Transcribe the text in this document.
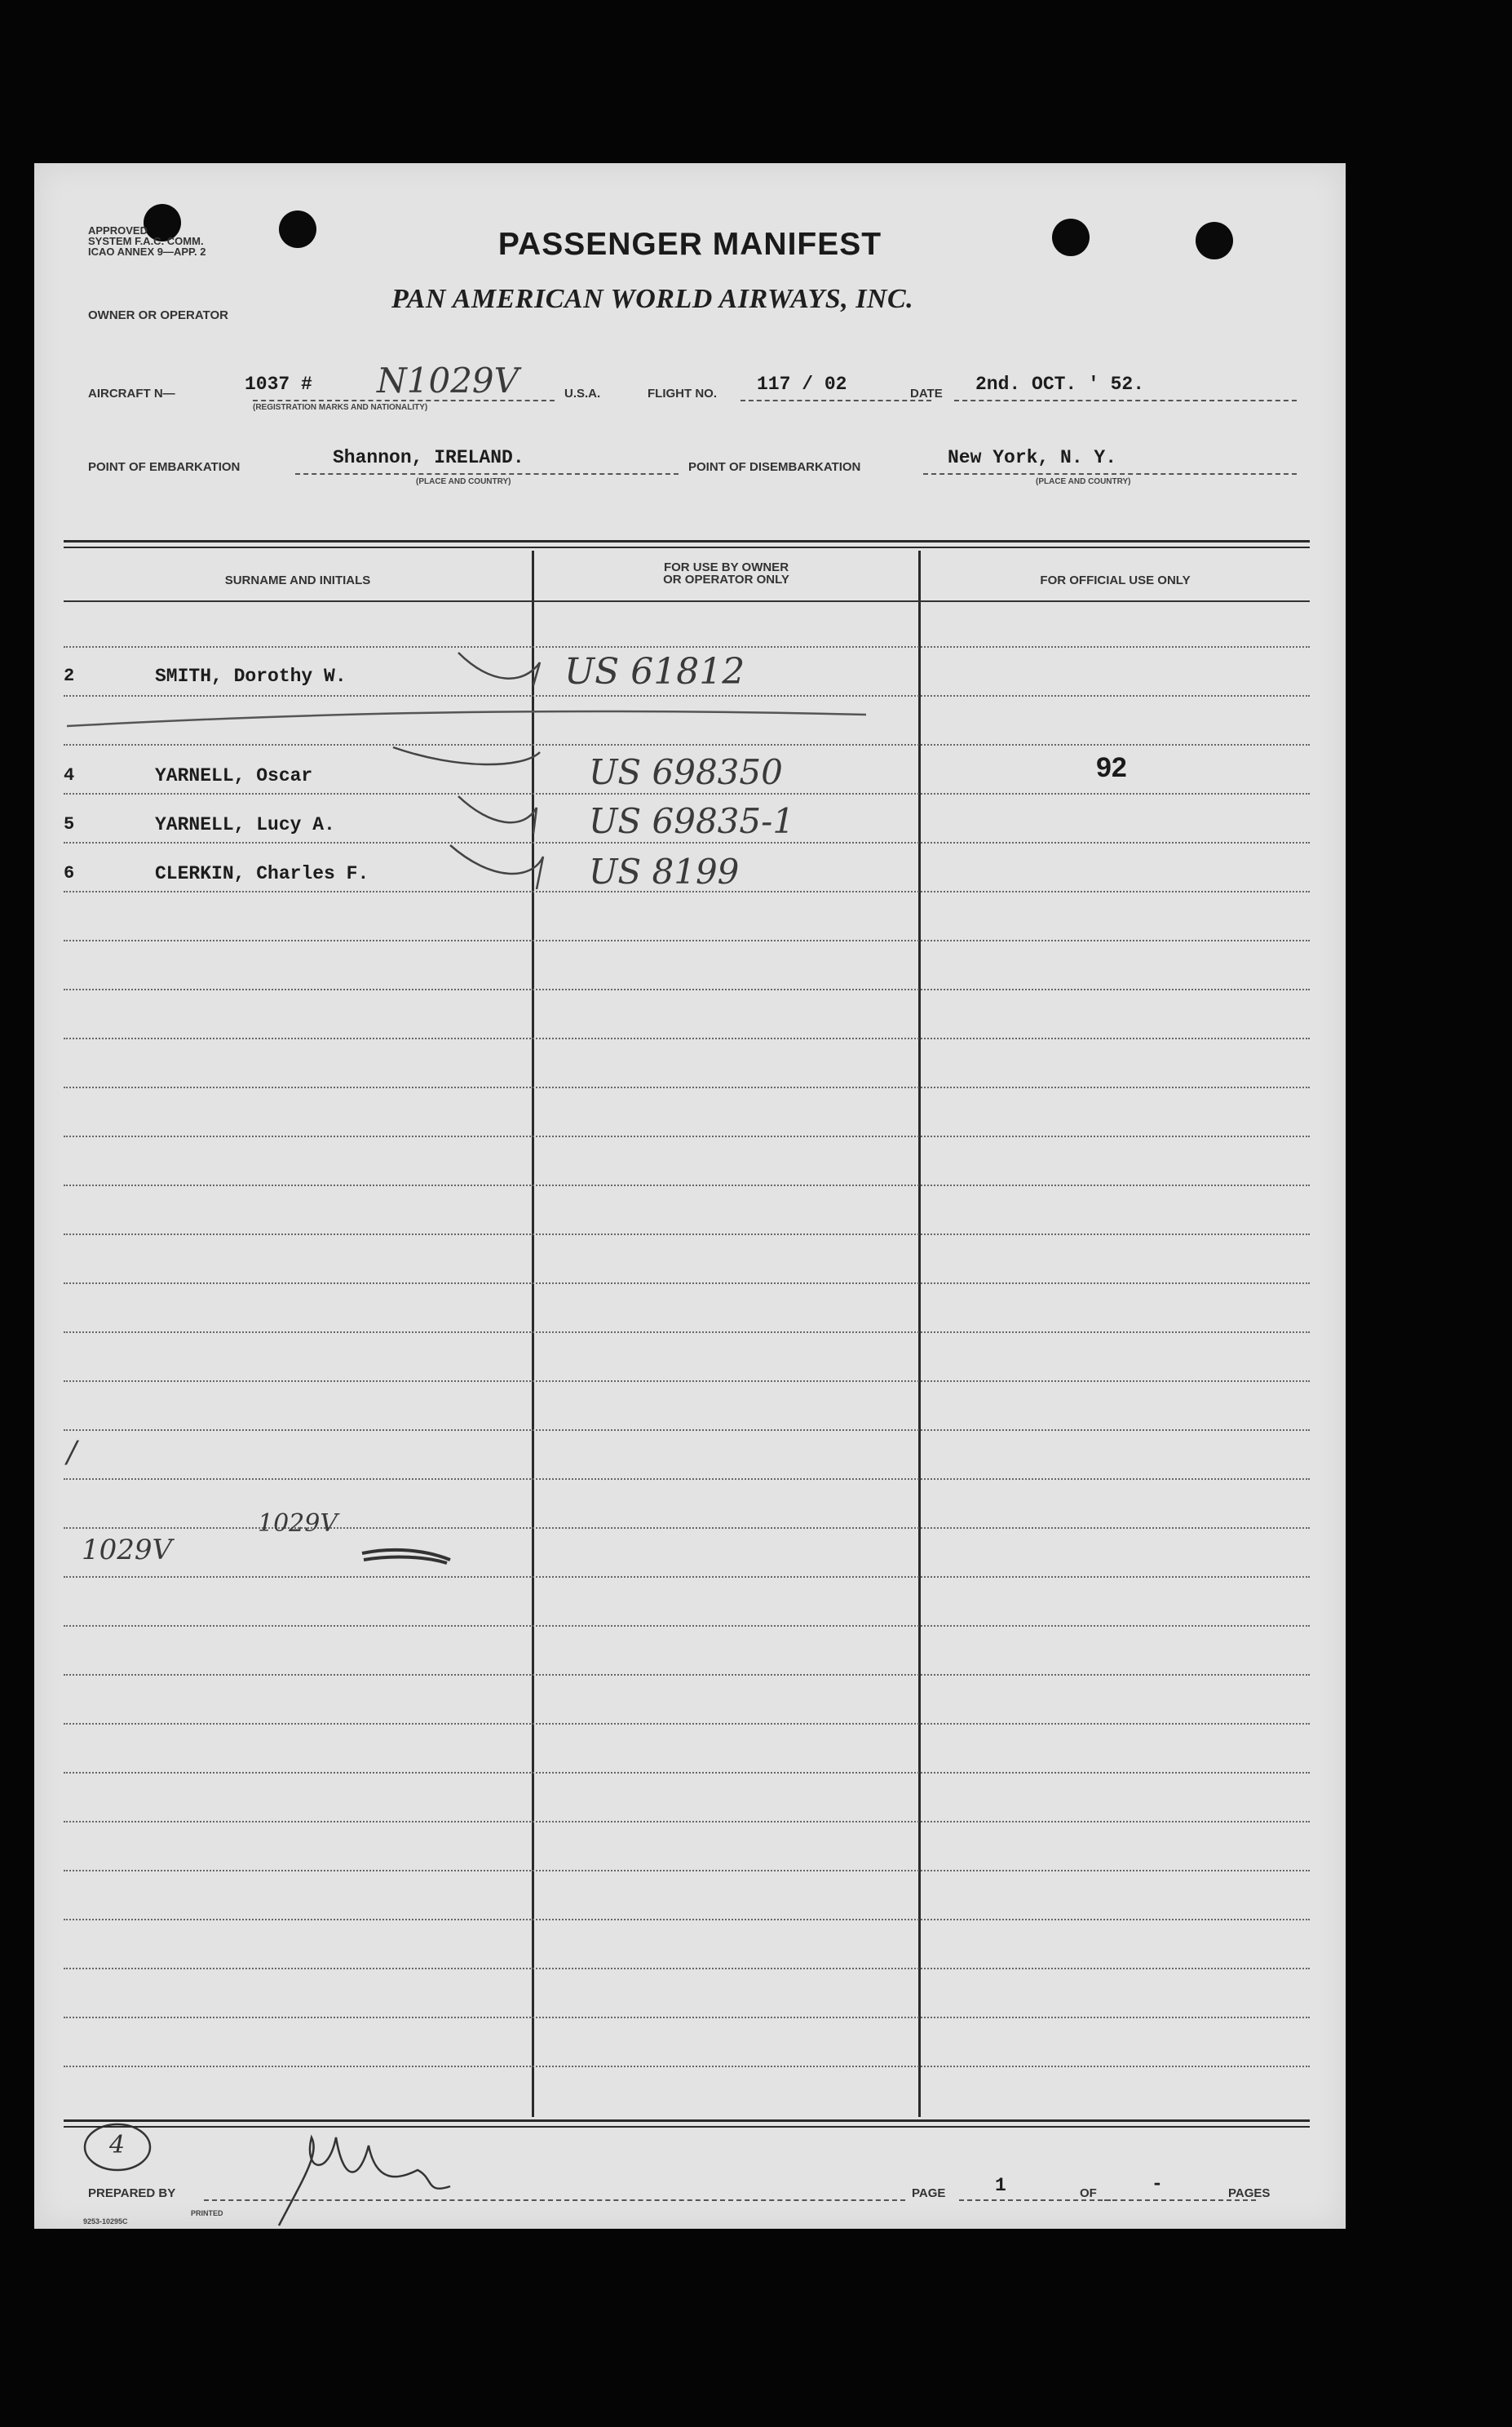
APPROVED
SYSTEM F.A.C. COMM.
ICAO ANNEX 9—APP. 2	PASSENGER MANIFEST
OWNER OR OPERATOR
PAN AMERICAN WORLD AIRWAYS, INC.
AIRCRAFT N—	1037 # N1029V
(REGISTRATION MARKS AND NATIONALITY)
U.S.A.	FLIGHT NO. 117 / 02	DATE 2nd. OCT. ' 52.
POINT OF EMBARKATION	Shannon, IRELAND.
(PLACE AND COUNTRY)
POINT OF DISEMBARKATION	New York, N. Y.
(PLACE AND COUNTRY)
SURNAME AND INITIALS
FOR USE BY OWNER
OR OPERATOR ONLY	FOR OFFICIAL USE ONLY
2	SMITH, Dorothy W.	US 61812
4	YARNELL, Oscar	US 698350	92
5	YARNELL, Lucy A.	US 69835-1
6	CLERKIN, Charles F.	US 8199
/
1029V
1029V
4
PREPARED BY	PAGE	1	OF	-	PAGES
9253-10295C
PRINTED
